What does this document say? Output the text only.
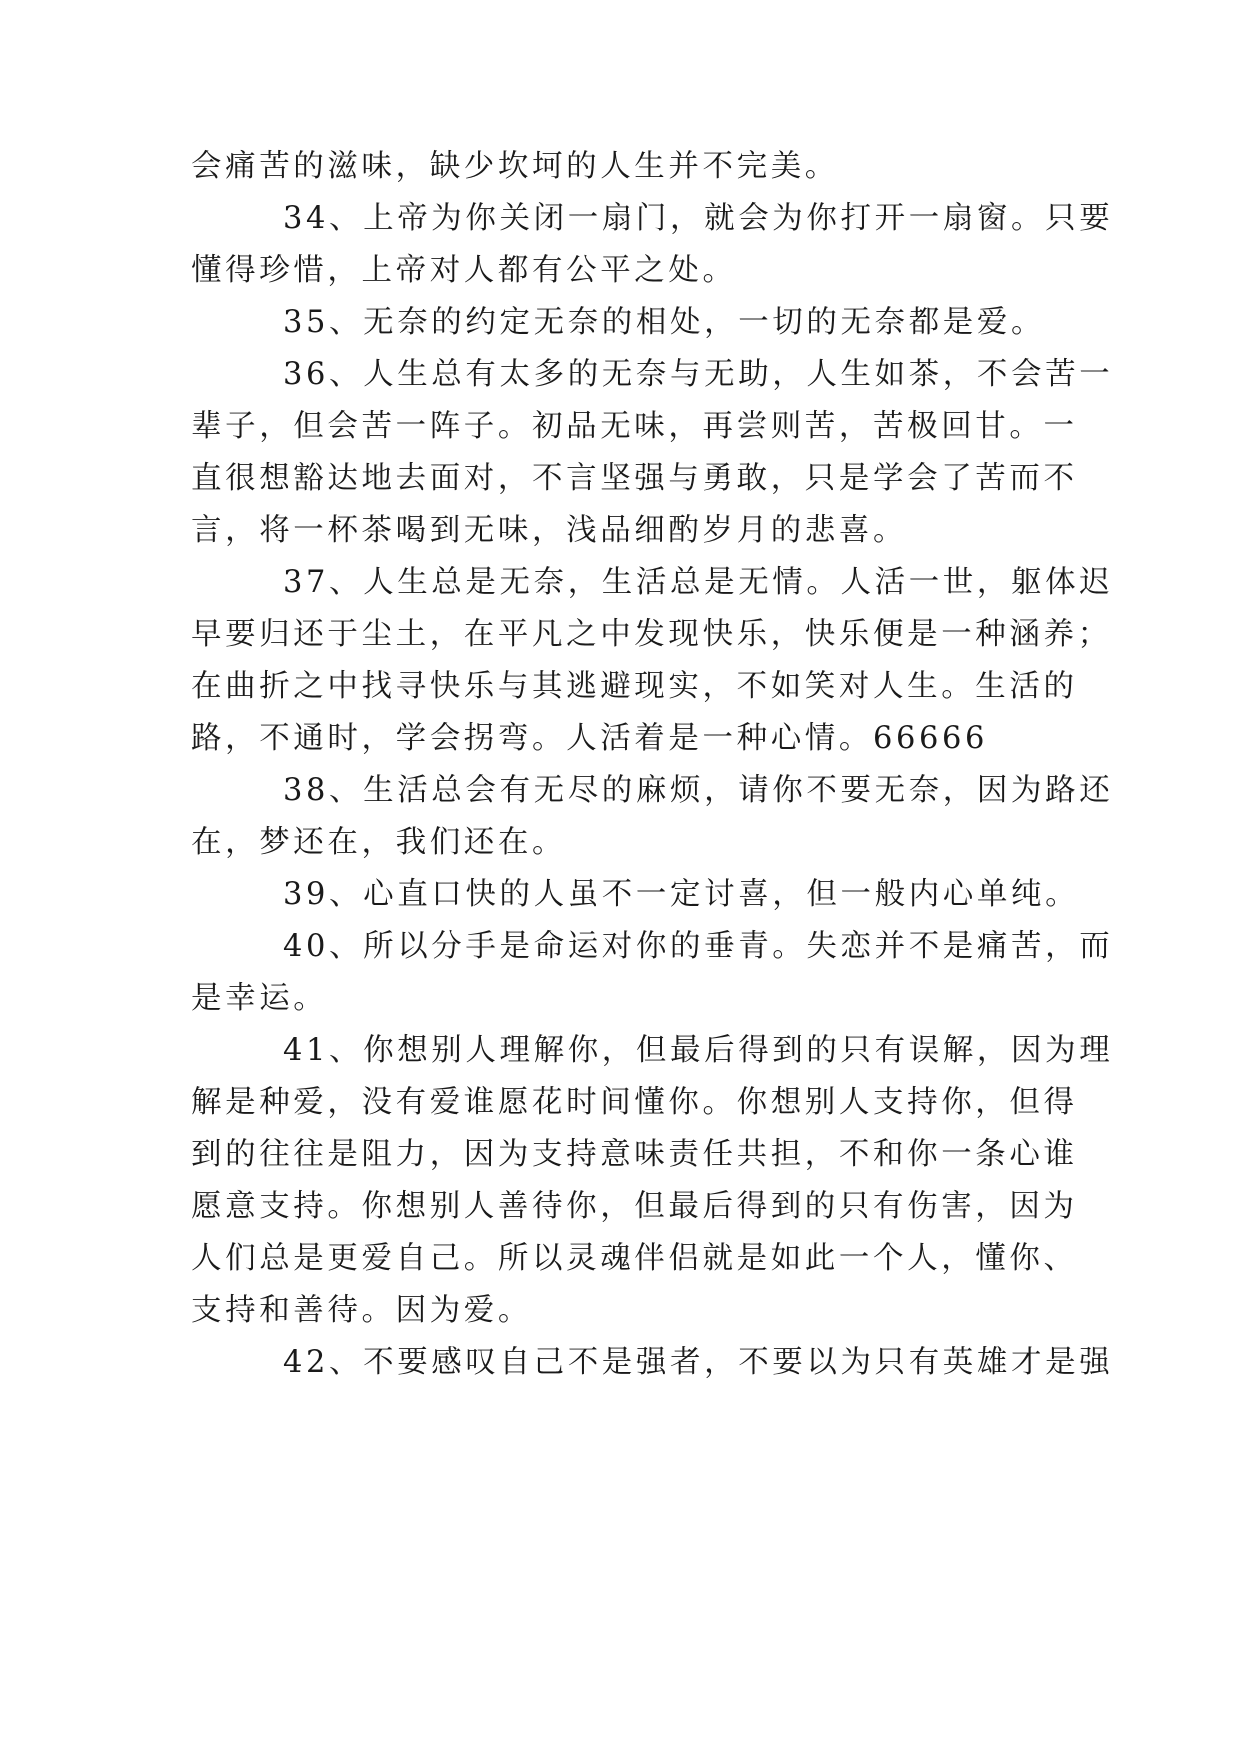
会痛苦的滋味，缺少坎坷的人生并不完美。
34、上帝为你关闭一扇门，就会为你打开一扇窗。只要
懂得珍惜，上帝对人都有公平之处。
35、无奈的约定无奈的相处，一切的无奈都是爱。
36、人生总有太多的无奈与无助，人生如茶，不会苦一
辈子，但会苦一阵子。初品无味，再尝则苦，苦极回甘。一
直很想豁达地去面对，不言坚强与勇敢，只是学会了苦而不
言，将一杯茶喝到无味，浅品细酌岁月的悲喜。
37、人生总是无奈，生活总是无情。人活一世，躯体迟
早要归还于尘土，在平凡之中发现快乐，快乐便是一种涵养；
在曲折之中找寻快乐与其逃避现实，不如笑对人生。生活的
路，不通时，学会拐弯。人活着是一种心情。66666
38、生活总会有无尽的麻烦，请你不要无奈，因为路还
在，梦还在，我们还在。
39、心直口快的人虽不一定讨喜，但一般内心单纯。
40、所以分手是命运对你的垂青。失恋并不是痛苦，而
是幸运。
41、你想别人理解你，但最后得到的只有误解，因为理
解是种爱，没有爱谁愿花时间懂你。你想别人支持你，但得
到的往往是阻力，因为支持意味责任共担，不和你一条心谁
愿意支持。你想别人善待你，但最后得到的只有伤害，因为
人们总是更爱自己。所以灵魂伴侣就是如此一个人，懂你、
支持和善待。因为爱。
42、不要感叹自己不是强者，不要以为只有英雄才是强
